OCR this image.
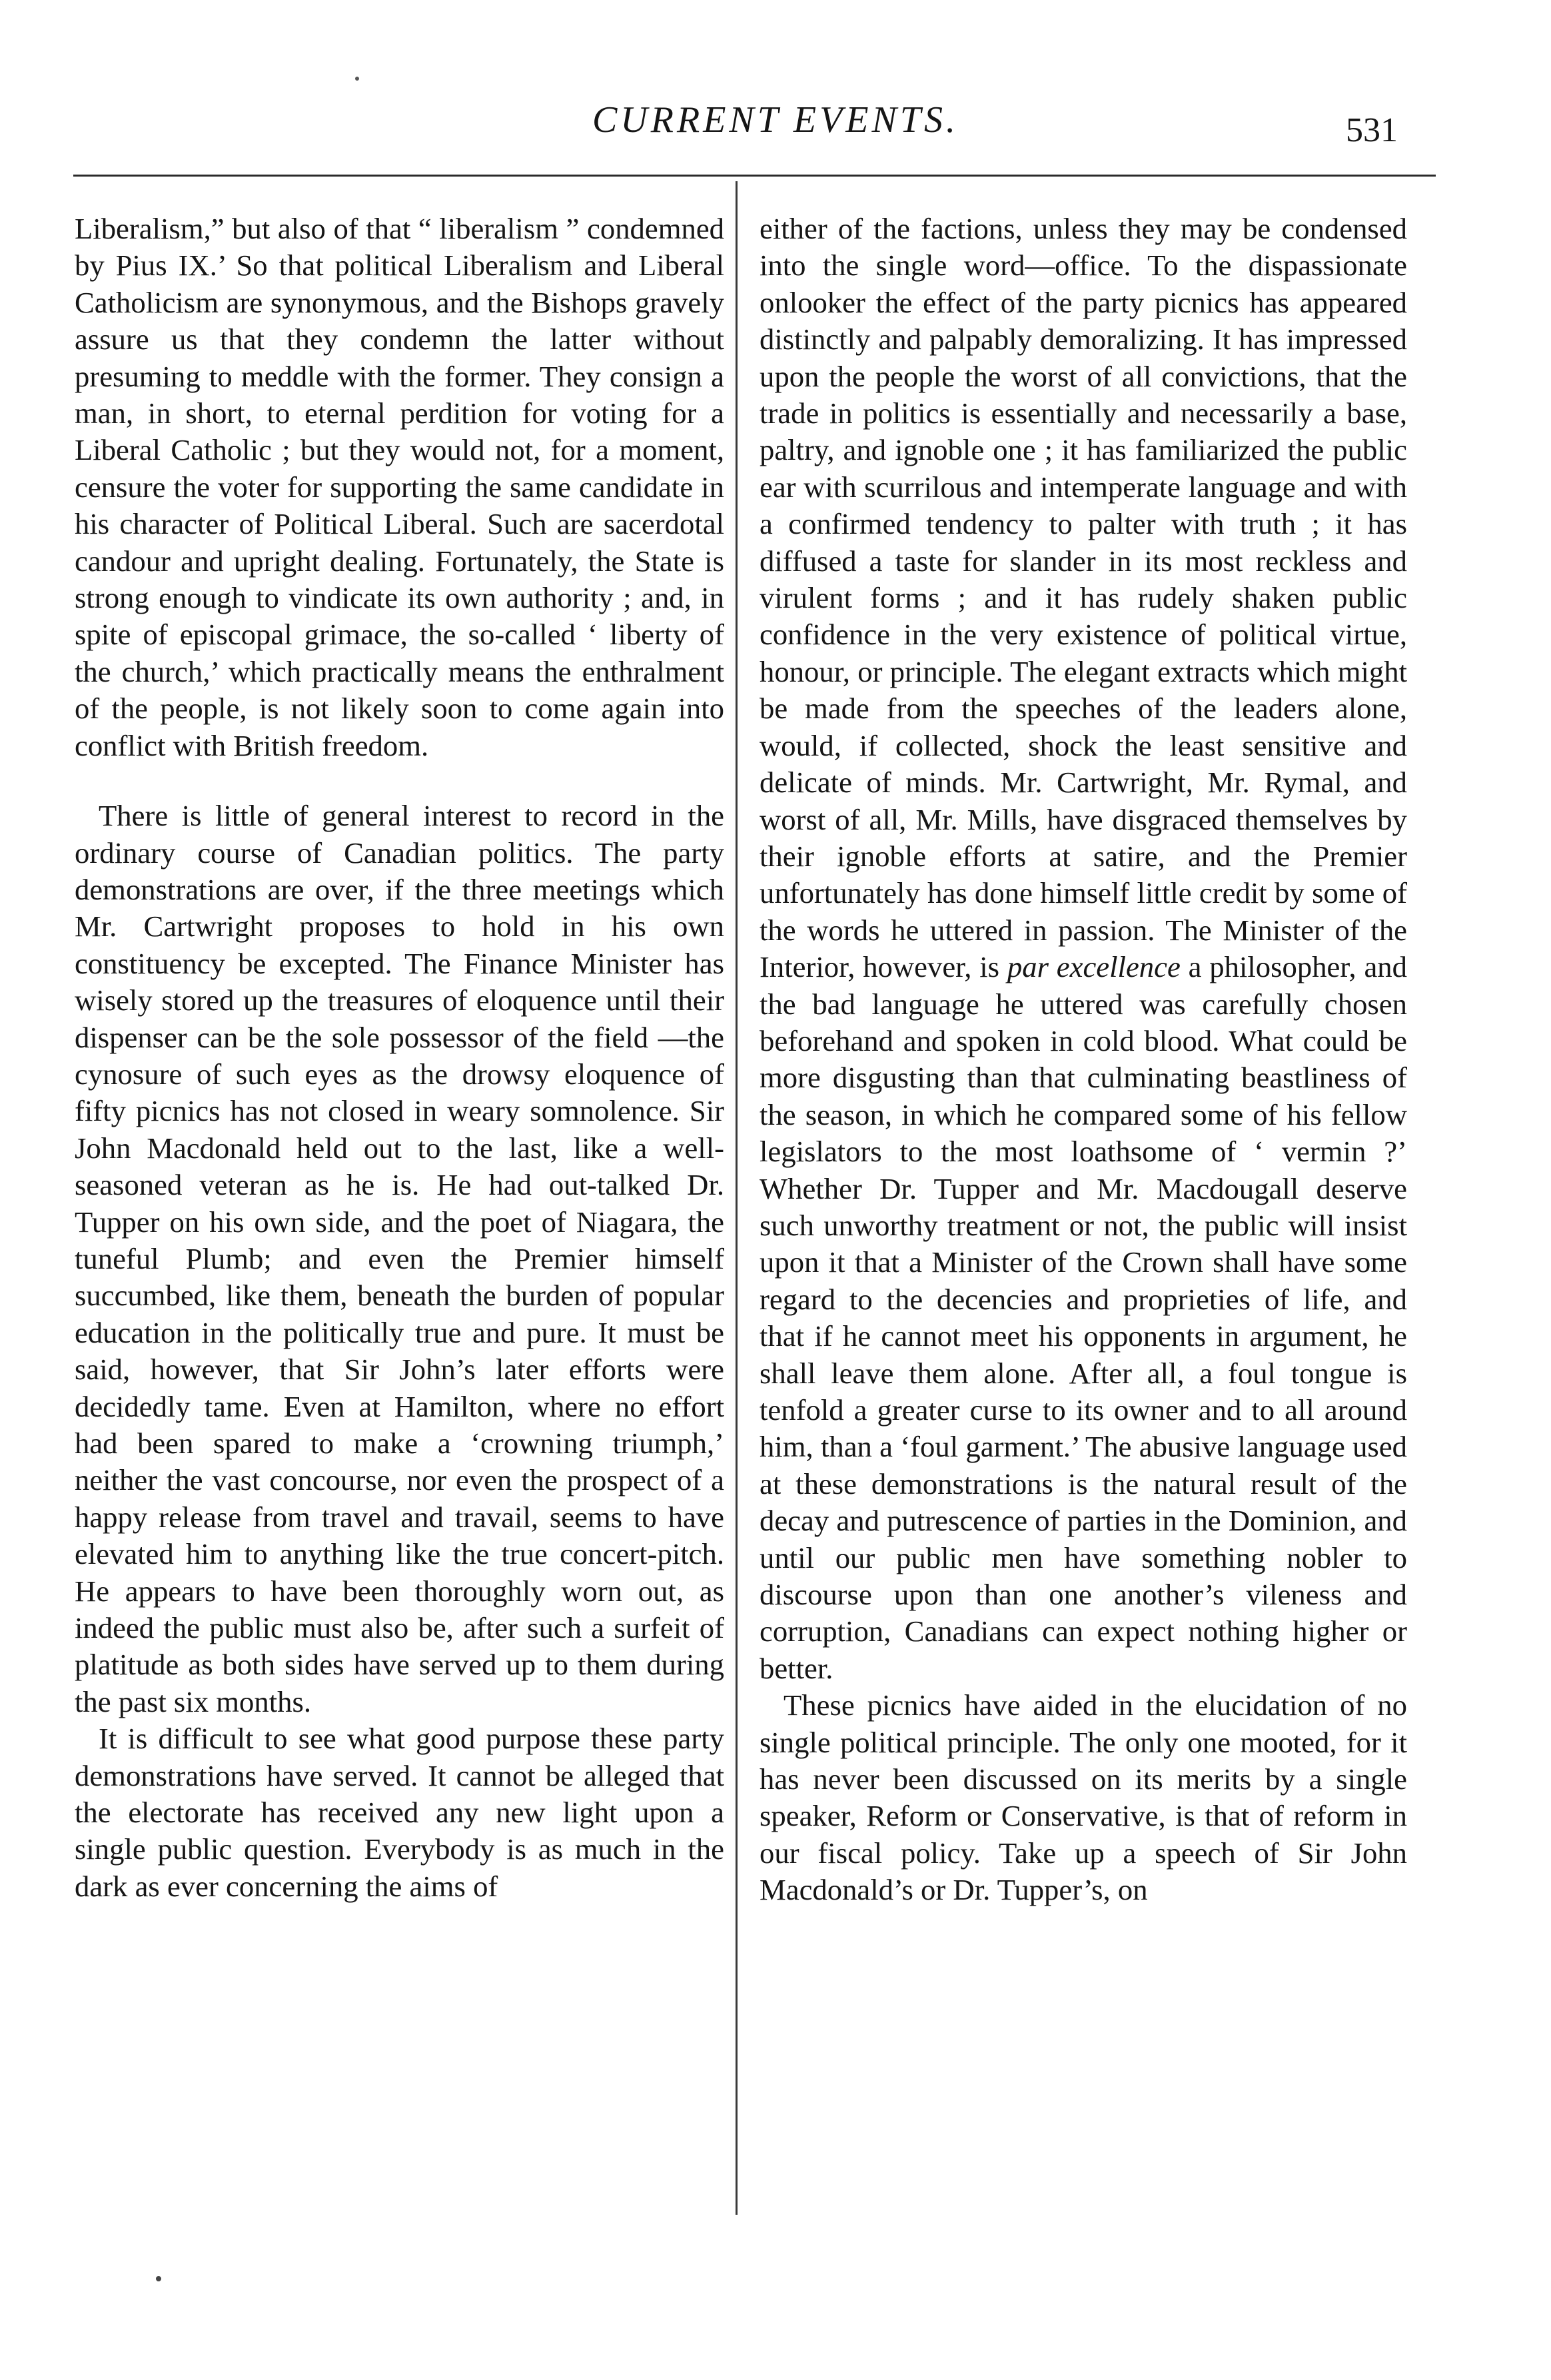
CURRENT EVENTS.	531

Liberalism,” but also of that “ liberalism ” condemned by Pius IX.’ So that political Liberalism and Liberal Catholicism are synonymous, and the Bishops gravely assure us that they condemn the latter without presuming to meddle with the former. They consign a man, in short, to eternal perdition for voting for a Liberal Catholic ; but they would not, for a moment, censure the voter for supporting the same candidate in his character of Political Liberal. Such are sacerdotal candour and upright dealing. Fortunately, the State is strong enough to vindicate its own authority ; and, in spite of episcopal grimace, the so-called ‘ liberty of the church,’ which practically means the enthralment of the people, is not likely soon to come again into conflict with British freedom.

There is little of general interest to record in the ordinary course of Canadian politics. The party demonstrations are over, if the three meetings which Mr. Cartwright proposes to hold in his own constituency be excepted. The Finance Minister has wisely stored up the treasures of eloquence until their dispenser can be the sole possessor of the field —the cynosure of such eyes as the drowsy eloquence of fifty picnics has not closed in weary somnolence. Sir John Macdonald held out to the last, like a well-seasoned veteran as he is. He had out-talked Dr. Tupper on his own side, and the poet of Niagara, the tuneful Plumb; and even the Premier himself succumbed, like them, beneath the burden of popular education in the politically true and pure. It must be said, however, that Sir John’s later efforts were decidedly tame. Even at Hamilton, where no effort had been spared to make a ‘crowning triumph,’ neither the vast concourse, nor even the prospect of a happy release from travel and travail, seems to have elevated him to anything like the true concert-pitch. He appears to have been thoroughly worn out, as indeed the public must also be, after such a surfeit of platitude as both sides have served up to them during the past six months.

It is difficult to see what good purpose these party demonstrations have served. It cannot be alleged that the electorate has received any new light upon a single public question. Everybody is as much in the dark as ever concerning the aims of

either of the factions, unless they may be condensed into the single word—office. To the dispassionate onlooker the effect of the party picnics has appeared distinctly and palpably demoralizing. It has impressed upon the people the worst of all convictions, that the trade in politics is essentially and necessarily a base, paltry, and ignoble one ; it has familiarized the public ear with scurrilous and intemperate language and with a confirmed tendency to palter with truth ; it has diffused a taste for slander in its most reckless and virulent forms ; and it has rudely shaken public confidence in the very existence of political virtue, honour, or principle. The elegant extracts which might be made from the speeches of the leaders alone, would, if collected, shock the least sensitive and delicate of minds. Mr. Cartwright, Mr. Rymal, and worst of all, Mr. Mills, have disgraced themselves by their ignoble efforts at satire, and the Premier unfortunately has done himself little credit by some of the words he uttered in passion. The Minister of the Interior, however, is par excellence a philosopher, and the bad language he uttered was carefully chosen beforehand and spoken in cold blood. What could be more disgusting than that culminating beastliness of the season, in which he compared some of his fellow legislators to the most loathsome of ‘ vermin ?’ Whether Dr. Tupper and Mr. Macdougall deserve such unworthy treatment or not, the public will insist upon it that a Minister of the Crown shall have some regard to the decencies and proprieties of life, and that if he cannot meet his opponents in argument, he shall leave them alone. After all, a foul tongue is tenfold a greater curse to its owner and to all around him, than a ‘foul garment.’ The abusive language used at these demonstrations is the natural result of the decay and putrescence of parties in the Dominion, and until our public men have something nobler to discourse upon than one another’s vileness and corruption, Canadians can expect nothing higher or better.

These picnics have aided in the elucidation of no single political principle. The only one mooted, for it has never been discussed on its merits by a single speaker, Reform or Conservative, is that of reform in our fiscal policy. Take up a speech of Sir John Macdonald’s or Dr. Tupper’s, on
